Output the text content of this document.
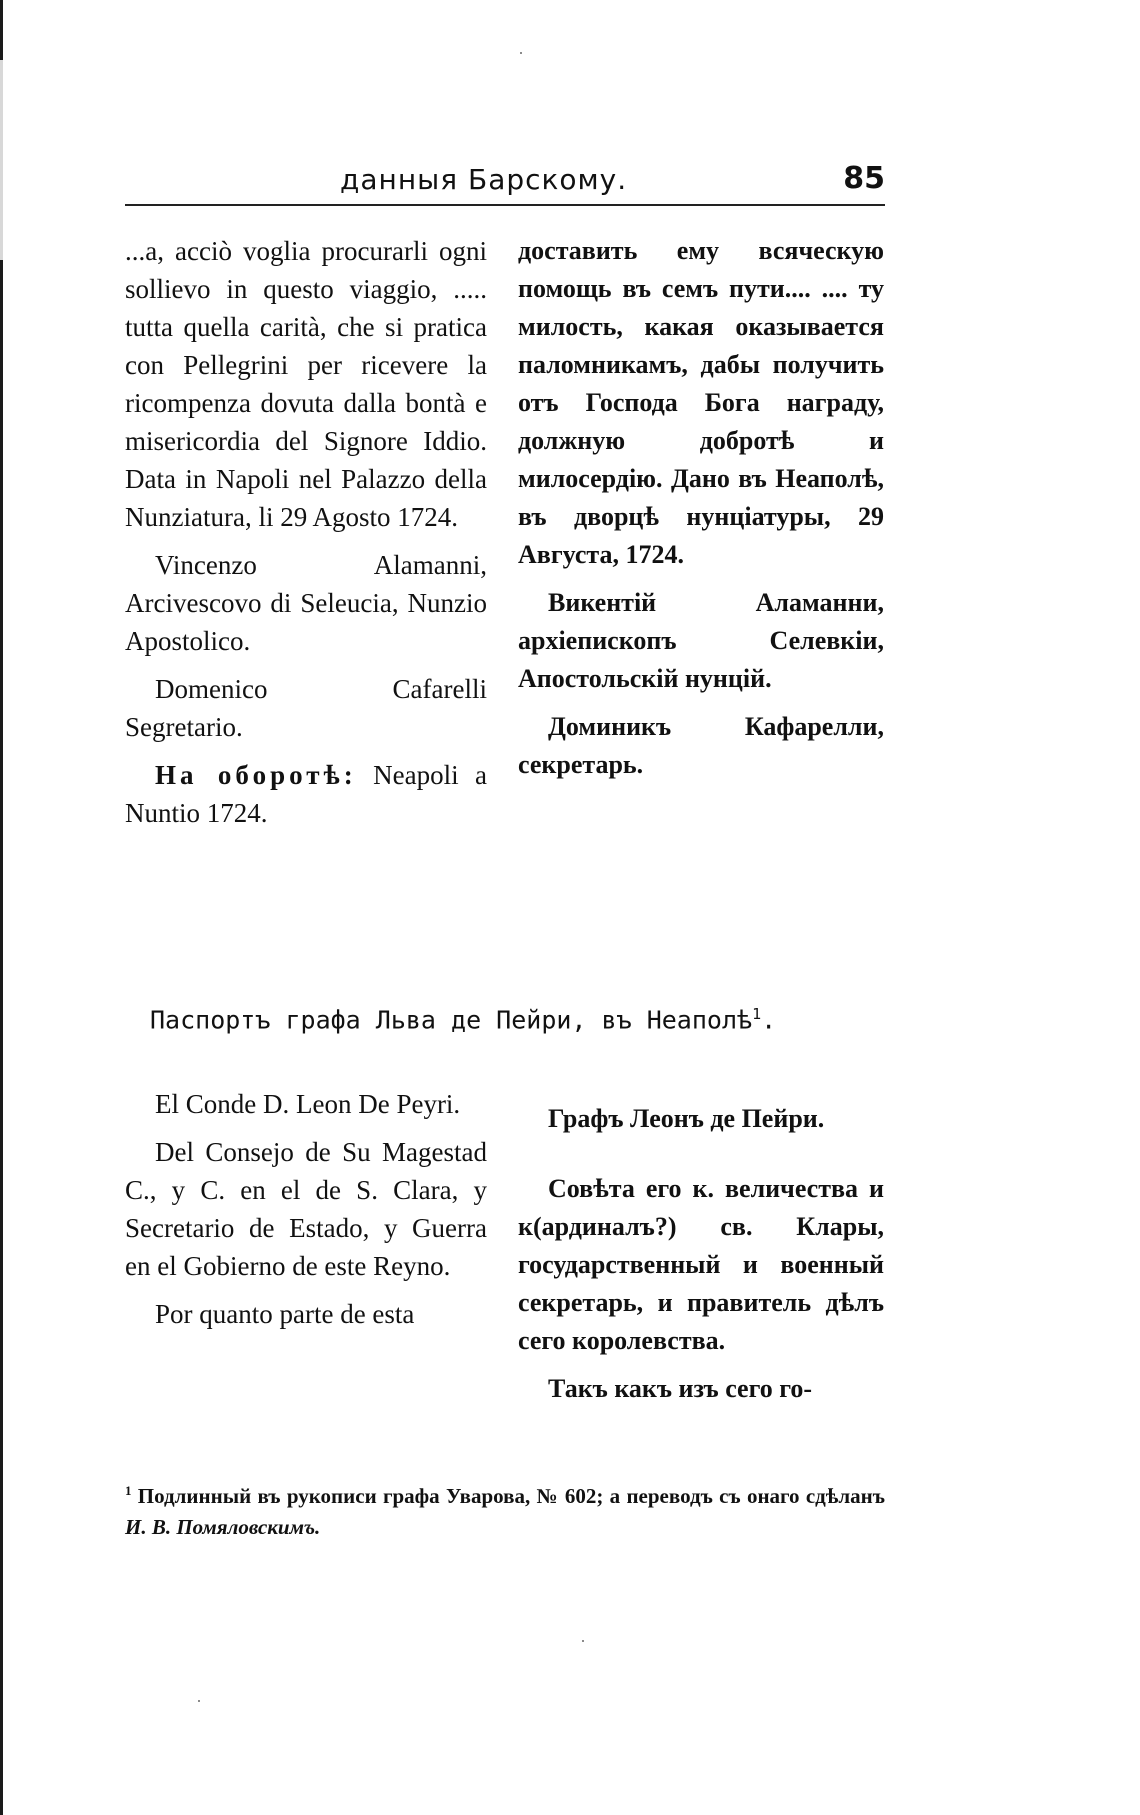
данныя Барскому.	85

...a, acciò voglia procurarli ogni sollievo in questo viaggio, ..... tutta quella carità, che si pratica con Pellegrini per ricevere la ricompenza dovuta dalla bontà e misericordia del Signore Iddio. Data in Napoli nel Palazzo della Nunziatura, li 29 Agosto 1724.

Vincenzo Alamanni, Arcivescovo di Seleucia, Nunzio Apostolico.

Domenico Cafarelli Segretario.

На оборотѣ: Neapoli a Nuntio 1724.

доставить ему всяческую помощь въ семъ пути.... .... ту милость, какая оказывается паломникамъ, дабы получить отъ Господа Бога награду, должную добротѣ и милосердію. Дано въ Неаполѣ, въ дворцѣ нунціатуры, 29 Августа, 1724.

Викентій Аламанни, архіепископъ Селевкіи, Апостольскій нунцій.

Доминикъ Кафарелли, секретарь.

Паспортъ графа Льва де Пейри, въ Неаполѣ$^1$.

El Conde D. Leon De Peyri.

Del Consejo de Su Magestad C., y C. en el de S. Clara, y Secretario de Estado, y Guerra en el Gobierno de este Reyno.

Por quanto parte de esta

Графъ Леонъ де Пейри.

Совѣта его к. величества и к(ардиналъ?) св. Клары, государственный и военный секретарь, и правитель дѣлъ сего королевства.

Такъ какъ изъ сего го-

$^1$ Подлинный въ рукописи графа Уварова, № 602; а переводъ съ онаго сдѣланъ И. В. Помяловскимъ.
